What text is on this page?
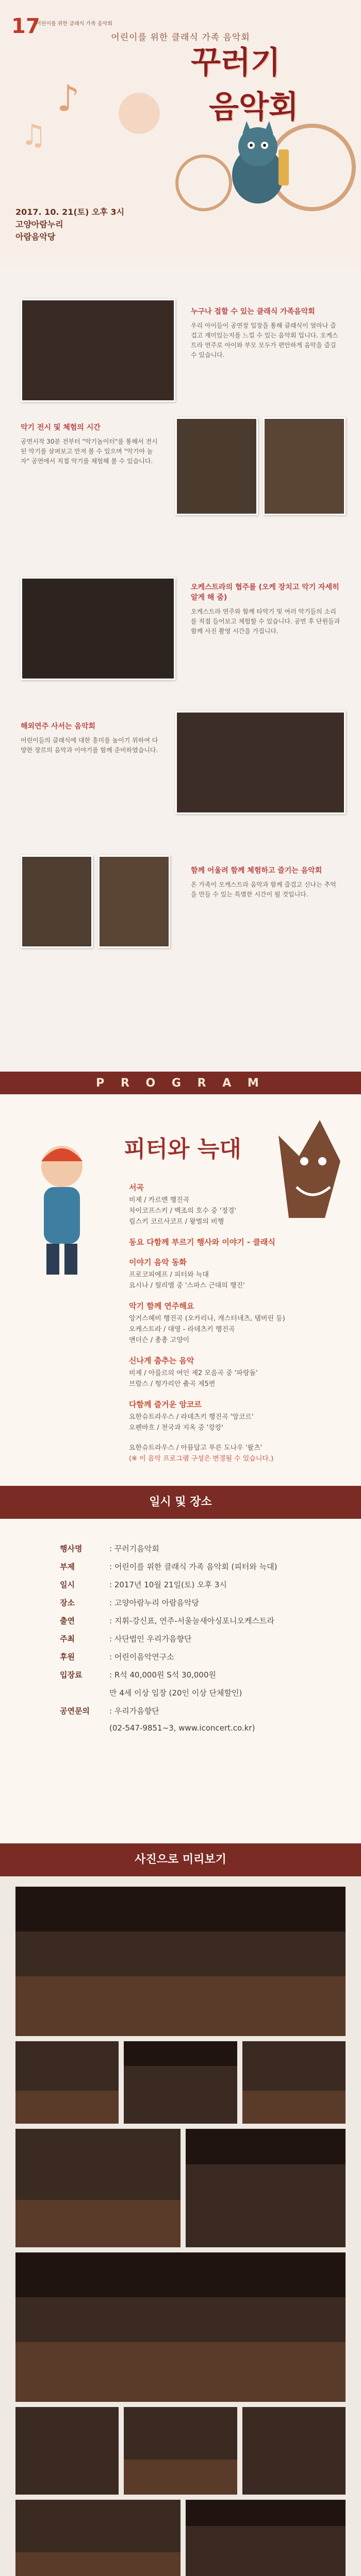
♪
♫
17
어린이를 위한 클래식 가족 음악회
어린이를 위한 클래식 가족 음악회
꾸러기
음악회
2017. 10. 21(토) 오후 3시
고양아람누리
아람음악당
누구나 접할 수 있는 클래식 가족음악회
우리 아이들이 공연장 입장을 통해 클래식이 얼마나 즐겁고 재미있는지를 느낄 수 있는 음악회 입니다. 오케스트라 연주로 아이와 부모 모두가 편안하게 음악을 즐길 수 있습니다.
악기 전시 및 체험의 시간
공연시작 30분 전부터 "악기놀이터"를 통해서 전시된 악기를 살펴보고 만져 볼 수 있으며 "악기야 놀자" 공연에서 직접 악기를 체험해 볼 수 있습니다.
오케스트라의 협주를 (오케 장치고 악기 자세히 알게 해 줌)
오케스트라 연주와 함께 타악기 및 여러 악기들의 소리를 직접 들어보고 체험할 수 있습니다. 공연 후 단원들과 함께 사진 촬영 시간을 가집니다.
해외연주 사서는 음악회
어린이들의 클래식에 대한 흥미를 높이기 위하여 다양한 장르의 음악과 이야기를 함께 준비하였습니다.
함께 어울려 함께 체험하고 즐기는 음악회
온 가족이 오케스트라 음악과 함께 즐겁고 신나는 추억을 만들 수 있는 특별한 시간이 될 것입니다.
P R O G R A M
피터와 늑대
서곡
비제 / 카르멘 행진곡
차이코프스키 / 백조의 호수 중 '정경'
림스키 코르사코프 / 왕벌의 비행
동요 다함께 부르기 행사와 이야기 - 클래식
이야기 음악 동화
프로코피에프 / 피터와 늑대
요시나 / 릴리엠 중 '스파스 근대의 행진'
악기 함께 연주해요
앙거스헤비 행진곡 (오카리나, 캐스터네츠, 탬버린 등)
오케스트라 / 대영 - 라데츠키 행진곡
앤더슨 / 총총 고양이
신나게 춤추는 음악
비제 / 아를르의 여인 제2 모음곡 중 '파랑돌'
브람스 / 헝가리안 춤곡 제5번
다함께 즐거운 앙코르
요한슈트라우스 / 라데츠키 행진곡 '앙코르'
오펜바흐 / 천국과 지옥 중 '캉캉'
요한슈트라우스 / 아름답고 푸른 도나우 '왈츠'
(※ 이 음악 프로그램 구성은 변경될 수 있습니다.)
일시 및 장소
행사명	: 꾸러기음악회
부제	: 어린이를 위한 클래식 가족 음악회 (피터와 늑대)
일시	: 2017년 10월 21일(토) 오후 3시
장소	: 고양아람누리 아람음악당
출연	: 지휘-강신표, 연주-서울늘새아싱포니오케스트라
주최	: 사단법인 우리가음향단
후원	: 어린이음악연구소
입장료	: R석 40,000원 S석 30,000원
	만 4세 이상 입장 (20인 이상 단체할인)
공연문의	: 우리가음향단
	(02-547-9851~3, www.iconcert.co.kr)
사진으로 미리보기
